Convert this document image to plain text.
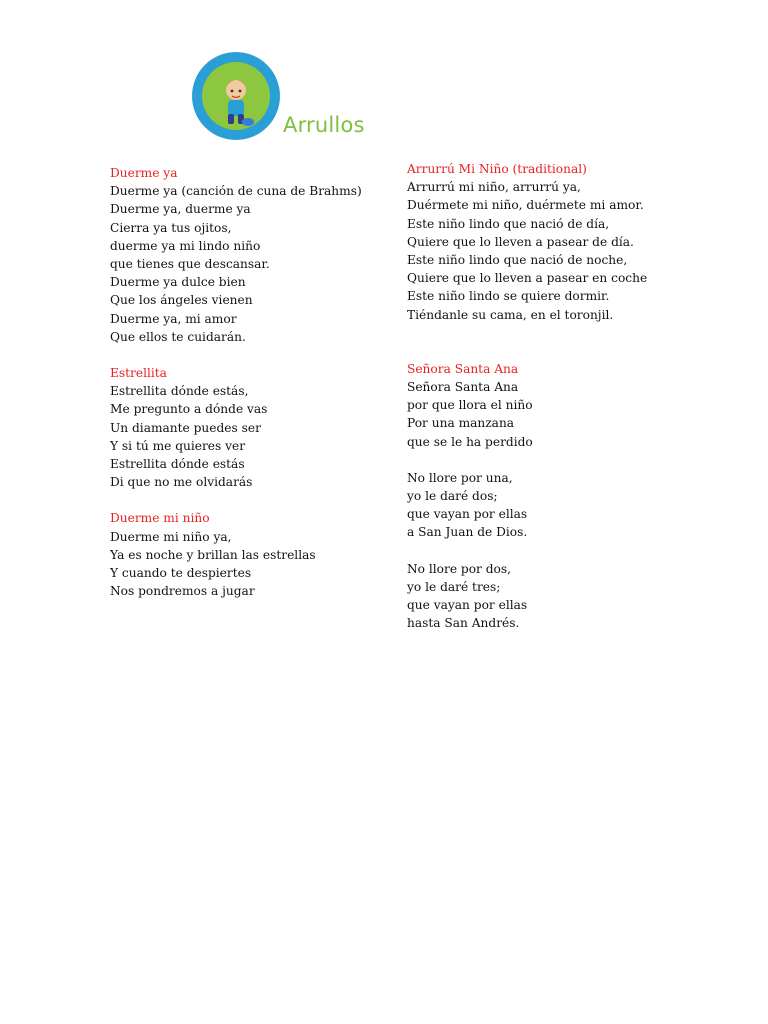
Arrullos
Duerme ya
Duerme ya (canción de cuna de Brahms)
Duerme ya, duerme ya
Cierra ya tus ojitos,
duerme ya mi lindo niño
que tienes que descansar.
Duerme ya dulce bien
Que los ángeles vienen
Duerme ya, mi amor
Que ellos te cuidarán.
Estrellita
Estrellita dónde estás,
Me pregunto a dónde vas
Un diamante puedes ser
Y si tú me quieres ver
Estrellita dónde estás
Di que no me olvidarás
Duerme mi niño
Duerme mi niño ya,
Ya es noche y brillan las estrellas
Y cuando te despiertes
Nos pondremos a jugar
Arrurrú Mi Niño (traditional)
Arrurrú mi niño, arrurrú ya,
Duérmete mi niño, duérmete mi amor.
Este niño lindo que nació de día,
Quiere que lo lleven a pasear de día.
Este niño lindo que nació de noche,
Quiere que lo lleven a pasear en coche
Este niño lindo se quiere dormir.
Tiéndanle su cama, en el toronjil.
Señora Santa Ana
Señora Santa Ana
por que llora el niño
Por una manzana
que se le ha perdido
No llore por una,
yo le daré dos;
que vayan por ellas
a San Juan de Dios.
No llore por dos,
yo le daré tres;
que vayan por ellas
hasta San Andrés.
